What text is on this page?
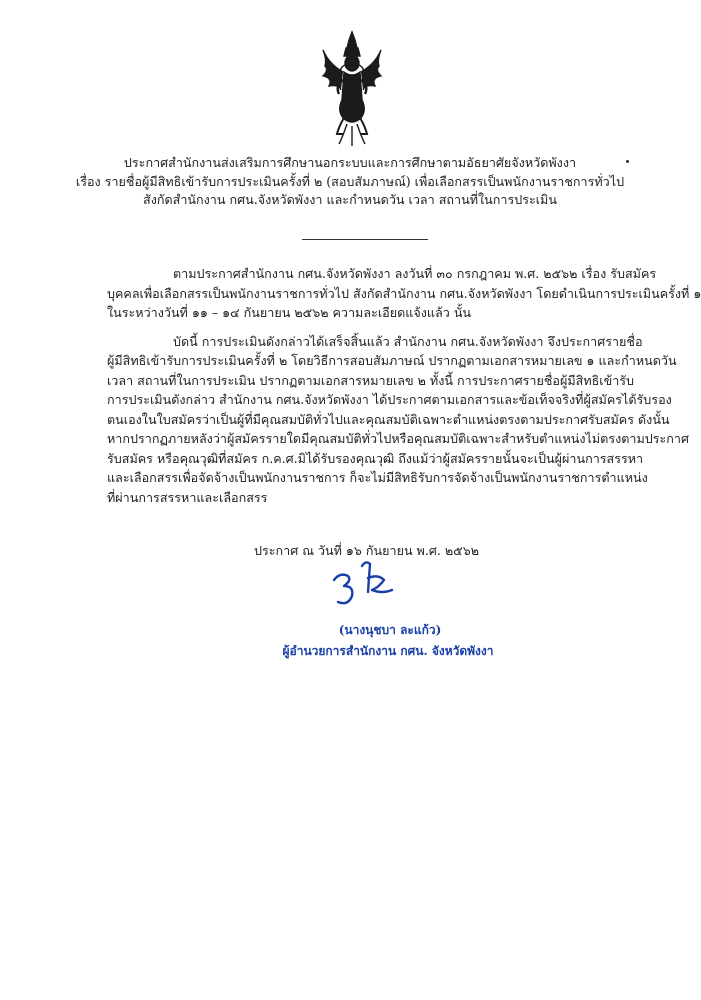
ประกาศสำนักงานส่งเสริมการศึกษานอกระบบและการศึกษาตามอัธยาศัยจังหวัดพังงา
เรื่อง รายชื่อผู้มีสิทธิเข้ารับการประเมินครั้งที่ ๒ (สอบสัมภาษณ์) เพื่อเลือกสรรเป็นพนักงานราชการทั่วไป
สังกัดสำนักงาน กศน.จังหวัดพังงา และกำหนดวัน เวลา สถานที่ในการประเมิน
ตามประกาศสำนักงาน กศน.จังหวัดพังงา ลงวันที่ ๓๐ กรกฎาคม พ.ศ. ๒๕๖๒ เรื่อง รับสมัคร
บุคคลเพื่อเลือกสรรเป็นพนักงานราชการทั่วไป สังกัดสำนักงาน กศน.จังหวัดพังงา โดยดำเนินการประเมินครั้งที่ ๑
ในระหว่างวันที่ ๑๑ – ๑๔ กันยายน ๒๕๖๒ ความละเอียดแจ้งแล้ว นั้น
บัดนี้ การประเมินดังกล่าวได้เสร็จสิ้นแล้ว สำนักงาน กศน.จังหวัดพังงา จึงประกาศรายชื่อ
ผู้มีสิทธิเข้ารับการประเมินครั้งที่ ๒ โดยวิธีการสอบสัมภาษณ์ ปรากฏตามเอกสารหมายเลข ๑ และกำหนดวัน
เวลา สถานที่ในการประเมิน ปรากฏตามเอกสารหมายเลข ๒ ทั้งนี้ การประกาศรายชื่อผู้มีสิทธิเข้ารับ
การประเมินดังกล่าว สำนักงาน กศน.จังหวัดพังงา ได้ประกาศตามเอกสารและข้อเท็จจริงที่ผู้สมัครได้รับรอง
ตนเองในใบสมัครว่าเป็นผู้ที่มีคุณสมบัติทั่วไปและคุณสมบัติเฉพาะตำแหน่งตรงตามประกาศรับสมัคร ดังนั้น
หากปรากฏภายหลังว่าผู้สมัครรายใดมีคุณสมบัติทั่วไปหรือคุณสมบัติเฉพาะสำหรับตำแหน่งไม่ตรงตามประกาศ
รับสมัคร หรือคุณวุฒิที่สมัคร ก.ค.ศ.มิได้รับรองคุณวุฒิ ถึงแม้ว่าผู้สมัครรายนั้นจะเป็นผู้ผ่านการสรรหา
และเลือกสรรเพื่อจัดจ้างเป็นพนักงานราชการ ก็จะไม่มีสิทธิรับการจัดจ้างเป็นพนักงานราชการตำแหน่ง
ที่ผ่านการสรรหาและเลือกสรร
ประกาศ ณ วันที่ ๑๖ กันยายน พ.ศ. ๒๕๖๒
(นางนุชบา ละแก้ว)
ผู้อำนวยการสำนักงาน กศน. จังหวัดพังงา
